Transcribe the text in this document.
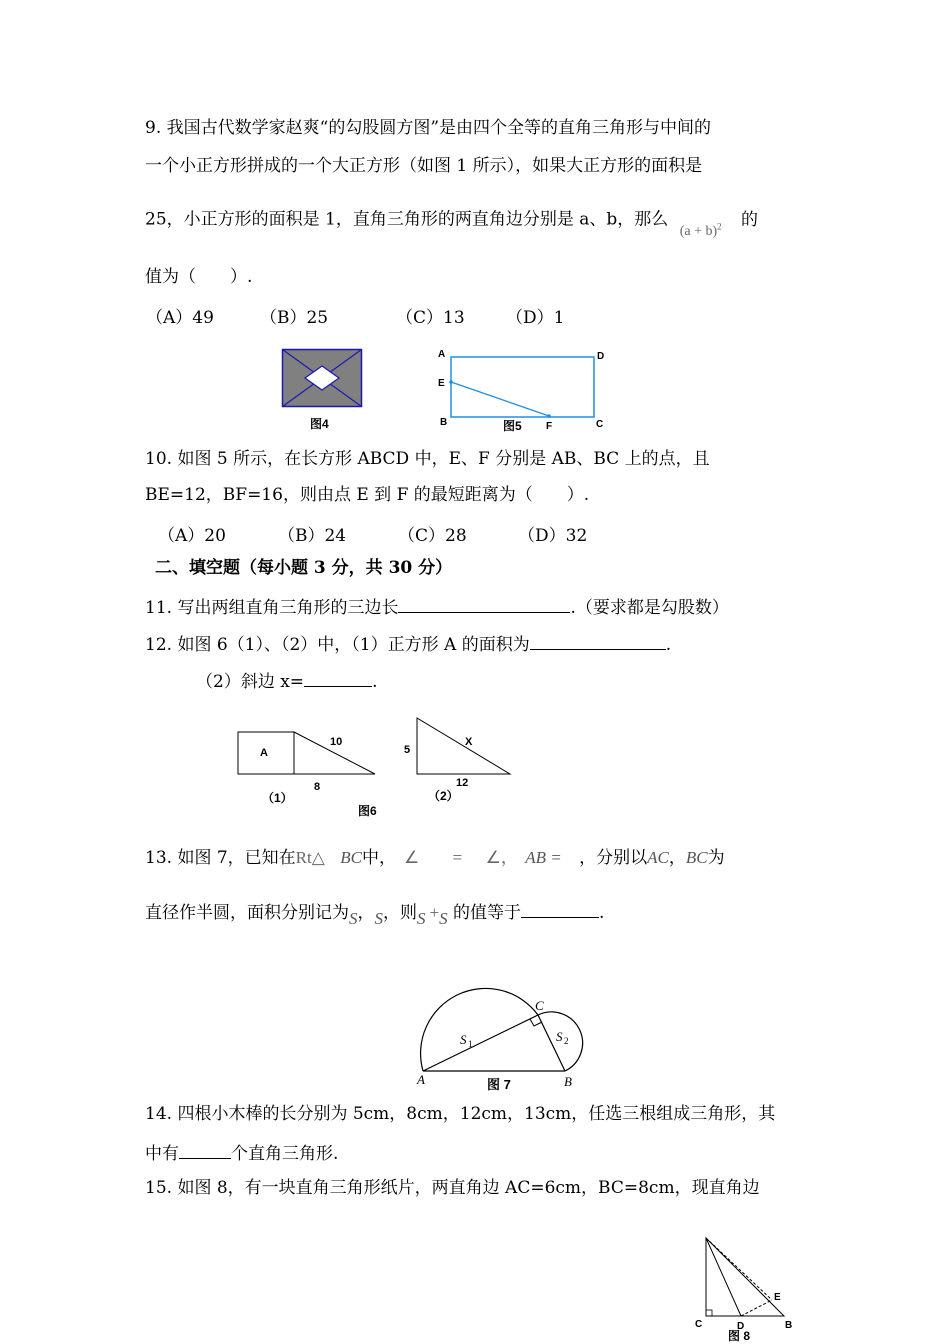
9. 我国古代数学家赵爽“的勾股圆方图”是由四个全等的直角三角形与中间的
一个小正方形拼成的一个大正方形（如图 1 所示），如果大正方形的面积是
25，小正方形的面积是 1，直角三角形的两直角边分别是 a、b，那么 $_{(a + b)^2}$ 的
值为（　　）.
（A）49	（B）25	（C）13 （D）1
图4
A	D
E
B	F	C
图5
10. 如图 5 所示，在长方形 ABCD 中，E、F 分别是 AB、BC 上的点，且
BE=12，BF=16，则由点 E 到 F 的最短距离为（　　）.
（A）20	（B）24	（C）28	（D）32
二、填空题（每小题 3 分，共 30 分）
11. 写出两组直角三角形的三边长	.（要求都是勾股数）
12. 如图 6（1）、（2）中，（1）正方形 A 的面积为	.
（2）斜边 x=	.
A
10
8
（1）
5
X
12
（2）
图6
13. 如图 7，已知在Rt△ BC中， ∠ = ∠， AB = ，分别以AC，BC为
直径作半圆，面积分别记为S，S，则S +S 的值等于	.
A	B
C
S 1	S 2
图 7
14. 四根小木棒的长分别为 5cm，8cm，12cm，13cm，任选三根组成三角形，其
中有	个直角三角形.
15. 如图 8，有一块直角三角形纸片，两直角边 AC=6cm，BC=8cm，现直角边
C	D	B
E
图 8
